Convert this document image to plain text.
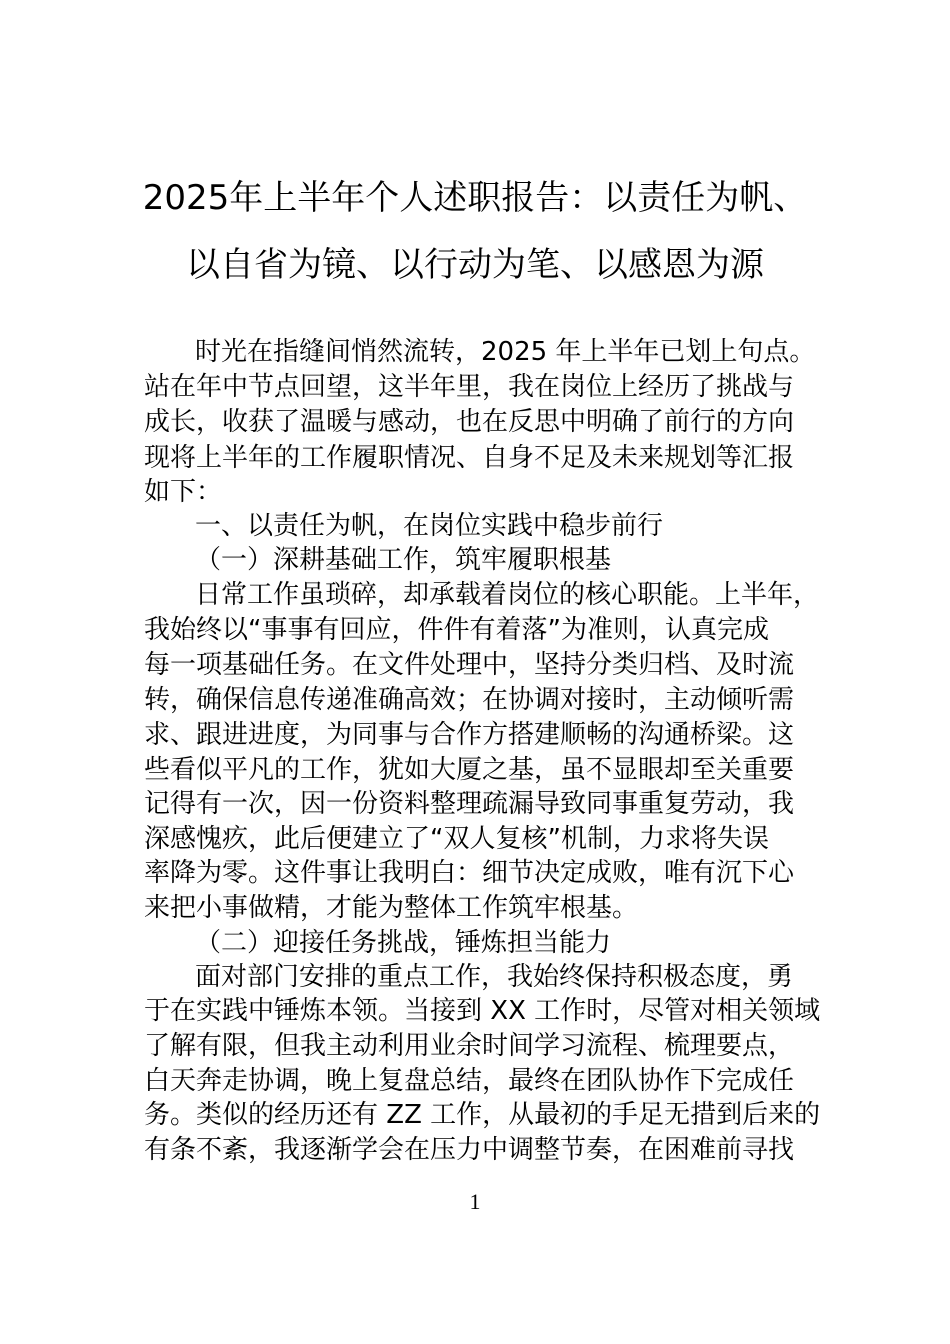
2025年上半年个人述职报告：以责任为帆、
以自省为镜、以行动为笔、以感恩为源
时光在指缝间悄然流转，2025 年上半年已划上句点。
站在年中节点回望，这半年里，我在岗位上经历了挑战与
成长，收获了温暖与感动，也在反思中明确了前行的方向
现将上半年的工作履职情况、自身不足及未来规划等汇报
如下：
一、以责任为帆，在岗位实践中稳步前行
（一）深耕基础工作，筑牢履职根基
日常工作虽琐碎，却承载着岗位的核心职能。上半年，
我始终以“事事有回应，件件有着落”为准则，认真完成
每一项基础任务。在文件处理中，坚持分类归档、及时流
转，确保信息传递准确高效；在协调对接时，主动倾听需
求、跟进进度，为同事与合作方搭建顺畅的沟通桥梁。这
些看似平凡的工作，犹如大厦之基，虽不显眼却至关重要
记得有一次，因一份资料整理疏漏导致同事重复劳动，我
深感愧疚，此后便建立了“双人复核”机制，力求将失误
率降为零。这件事让我明白：细节决定成败，唯有沉下心
来把小事做精，才能为整体工作筑牢根基。
（二）迎接任务挑战，锤炼担当能力
面对部门安排的重点工作，我始终保持积极态度，勇
于在实践中锤炼本领。当接到 XX 工作时，尽管对相关领域
了解有限，但我主动利用业余时间学习流程、梳理要点，
白天奔走协调，晚上复盘总结，最终在团队协作下完成任
务。类似的经历还有 ZZ 工作，从最初的手足无措到后来的
有条不紊，我逐渐学会在压力中调整节奏，在困难前寻找
1
